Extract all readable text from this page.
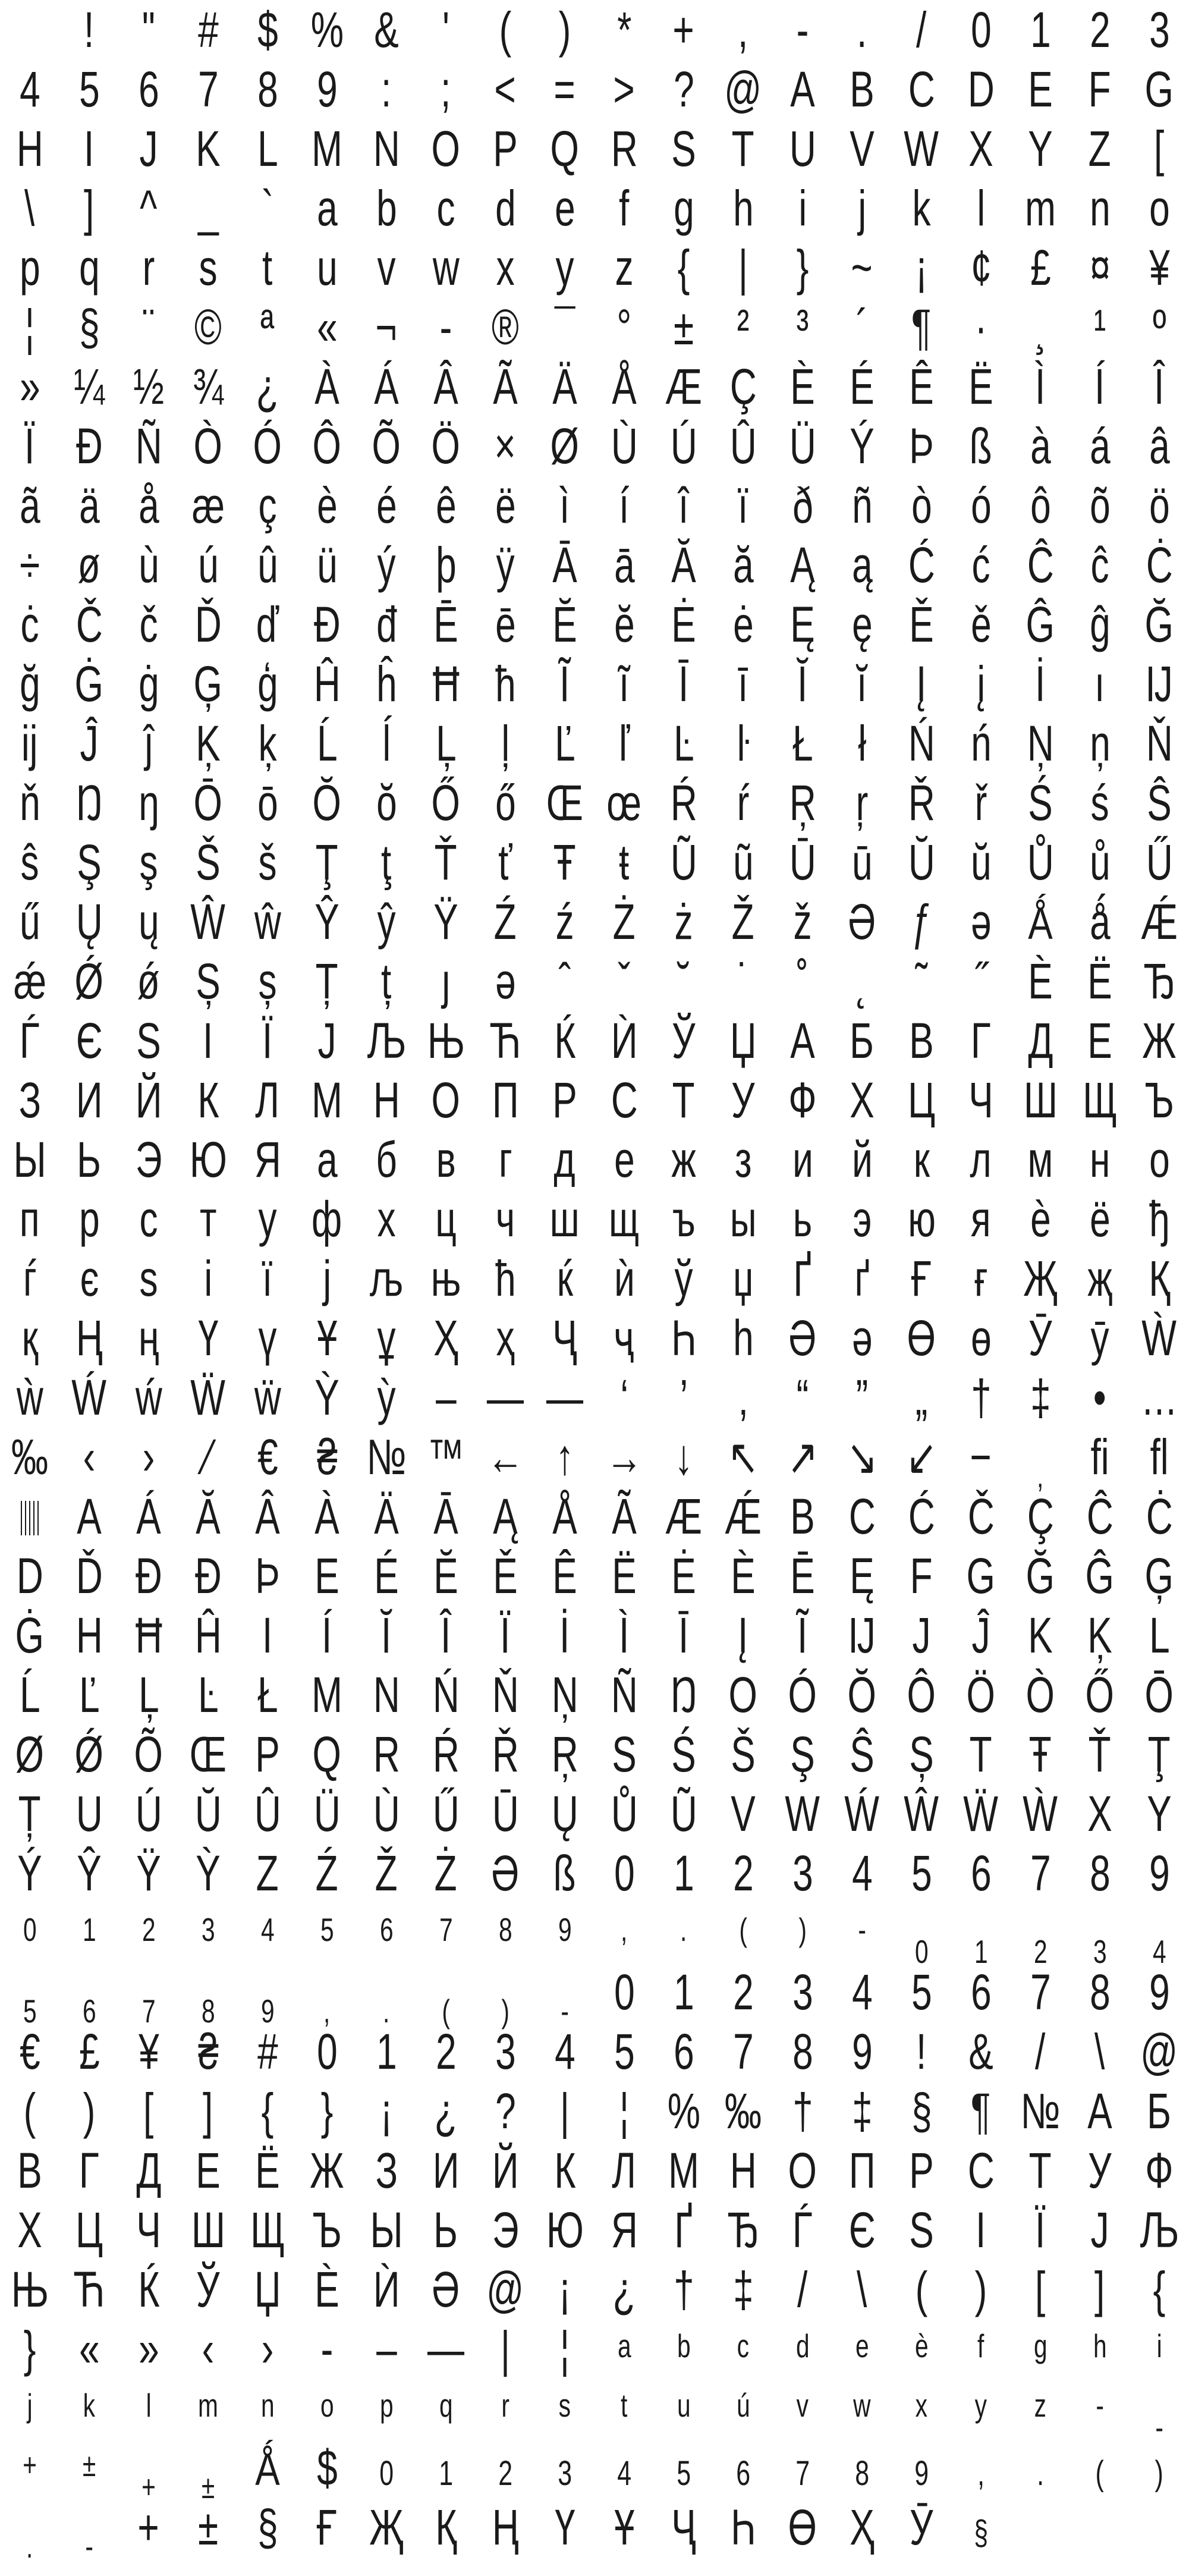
! " # $ % & ' ( ) * + , - . / 0 1 2 3
4 5 6 7 8 9 : ; < = > ? @ A B C D E F G
H I J K L M N O P Q R S T U V W X Y Z [
\ ] ^ _ ` a b c d e f g h i	j k l m n o
p q r s t u v w x y z { | } ~ ¡ ¢ £ ¤ ¥
¦ § ¨ © ª « ¬ - ® ¯ ° ± ² ³ ´ ¶ · ¸ ¹ º
» ¼ ½ ¾ ¿ À Á Â Ã Ä Å Æ Ç È É Ê Ë Ì Í Î
Ï Ð Ñ Ò Ó Ô Õ Ö × Ø Ù Ú Û Ü Ý Þ ß à á â
ã ä å æ ç è é ê ë ì í î ï ð ñ ò ó ô õ ö
÷ ø ù ú û ü ý þ ÿ Ā ā Ă ă Ą ą Ć ć Ĉ ĉ Ċ
ċ Č č Ď ď Đ đ Ē ē Ĕ ĕ Ė ė Ę ę Ě ě Ĝ ĝ Ğ
ğ Ġ ġ Ģ ģ Ĥ ĥ Ħ ħ Ĩ ĩ Ī ī Ĭ ĭ Į	į	İ ı Ĳ
ĳ Ĵ ĵ Ķ ķ Ĺ ĺ Ļ ļ Ľ ľ Ŀ ŀ Ł ł Ń ń Ņ ņ Ň
ň Ŋ ŋ Ō ō Ŏ ŏ Ő ő Œ œ Ŕ ŕ Ŗ ŗ Ř ř Ś ś Ŝ
ŝ Ş ş Š š Ţ ţ Ť ť Ŧ ŧ Ũ ũ Ū ū Ŭ ŭ Ů ů Ű
ű Ų ų Ŵ ŵ Ŷ ŷ Ÿ Ź ź Ż ż Ž ž Ə ƒ ə Ǻ ǻ Ǽ
ǽ Ǿ ǿ Ș ș Ț ț	ȷ ə ˆ ˇ ˘ ˙ ˚ ˛ ˜ ˝ Ѐ Ё Ђ
Ѓ Є Ѕ І Ї Ј Љ Њ Ћ Ќ Ѝ Ў Џ А Б В Г Д Е Ж
З И Й К Л М Н О П Р С Т У Ф Х Ц Ч Ш Щ Ъ
Ы Ь Э Ю Я а б в г д е ж з и й к л м н о
п р с т у ф х ц ч ш щ ъ ы ь э ю я ѐ ё ђ
ѓ є ѕ і	ї	ј љ њ ћ ќ ѝ ў џ Ґ ґ Ғ ғ Җ җ Қ
қ Ң ң Ү ү Ұ ұ Ҳ ҳ Ҷ ҷ Һ һ Ә ә Ө ө Ӯ ӯ Ẁ
ẁ Ẃ ẃ Ẅ ẅ Ỳ ỳ – — ― ‘	’	‚ “ ” „ † ‡ • …
‰ ‹ ›	⁄ € ₴ № ™ ← ↑ → ↓ ↖ ↗ ↘ ↙ −	, ﬁ ﬂ
A Á Ă Â À Ä Ā Ą Å Ã Æ Ǽ B C Ć Č Ç Ĉ Ċ
D Ď Đ Ð Þ E É Ĕ Ě Ê Ë Ė È Ē Ę F G Ğ Ĝ Ģ
Ġ H Ħ Ĥ I Í Ĭ Î Ï İ Ì Ī Į Ĩ Ĳ J Ĵ K Ķ L
Ĺ Ľ Ļ Ŀ Ł M N Ń Ň Ņ Ñ Ŋ O Ó Ŏ Ô Ö Ò Ő Ō
Ø Ǿ Õ Œ P Q R Ŕ Ř Ŗ S Ś Š Ş Ŝ Ș T Ŧ Ť Ţ
Ț U Ú Ŭ Û Ü Ù Ű Ū Ų Ů Ũ V W Ẃ Ŵ Ẅ Ẁ X Y
Ý Ŷ Ÿ Ỳ Z Ź Ž Ż Ə ß 0 1 2 3 4 5 6 7 8 9
0	1	2	3	4	5	6	7	8	9	,	.	(	)	-
0	1	2	3	4
5	6	7	8	9	,	.	(	)	- 0 1 2 3 4 5 6 7 8 9
€ £ ¥ ₴ # 0 1 2 3 4 5 6 7 8 9 ! & / \ @
( ) [ ] { } ¡ ¿ ? | ¦ % ‰ † ‡ § ¶ № А Б
В Г Д Е Ё Ж З И Й К Л М Н О П Р С Т У Ф
Х Ц Ч Ш Щ Ъ Ы Ь Э Ю Я Ґ Ђ Ѓ Є Ѕ І Ї Ј Љ
Њ Ћ Ќ Ў Џ Ѐ Ѝ Ә @ ¡ ¿ † ‡ / \ ( ) [ ] {
} « » ‹ › - – — | ¦	a	b	c	d	e	è	f	g	h	i
j	k	l	m	n	o	p	q	r	s	t	u	ú	v	w	x	y	z	-
-
+	±
+	± Ǻ $	0	1	2	3	4	5	6	7	8	9	,	.	(	)
.	- + ± § Ғ Җ Қ Ң Ү Ұ Ҷ Һ Ө Ҳ Ӯ	§
